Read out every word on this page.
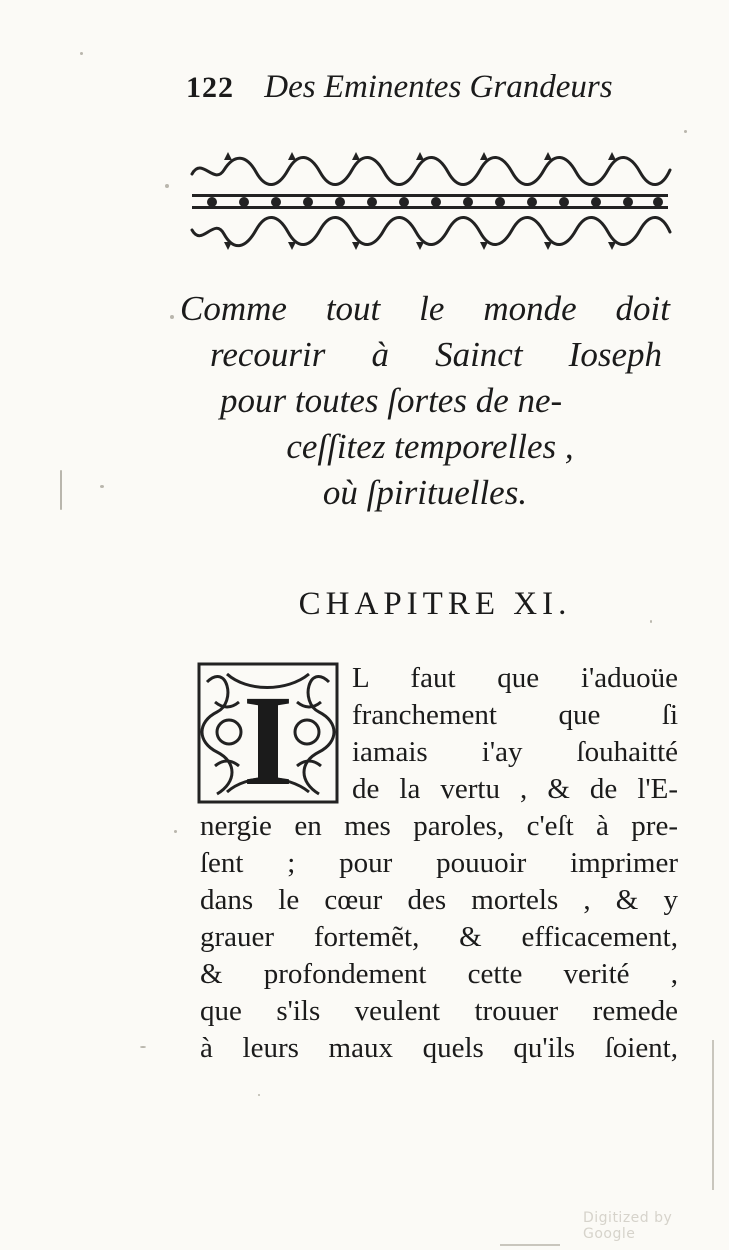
122 Des Eminentes Grandeurs
Comme tout le monde doit
recourir à Sainct Ioseph
pour toutes ſortes de ne-
ceſſitez temporelles ,
où ſpirituelles.
CHAPITRE XI.
I L faut que i'aduoüe
franchement que ſi
iamais i'ay ſouhaitté
de la vertu , & de l'E-
nergie en mes paroles, c'eſt à pre-
ſent ; pour pouuoir imprimer
dans le cœur des mortels , & y
grauer fortemẽt, & efficacement,
& profondement cette verité ,
que s'ils veulent trouuer remede
à leurs maux quels qu'ils ſoient,
Digitized by Google
